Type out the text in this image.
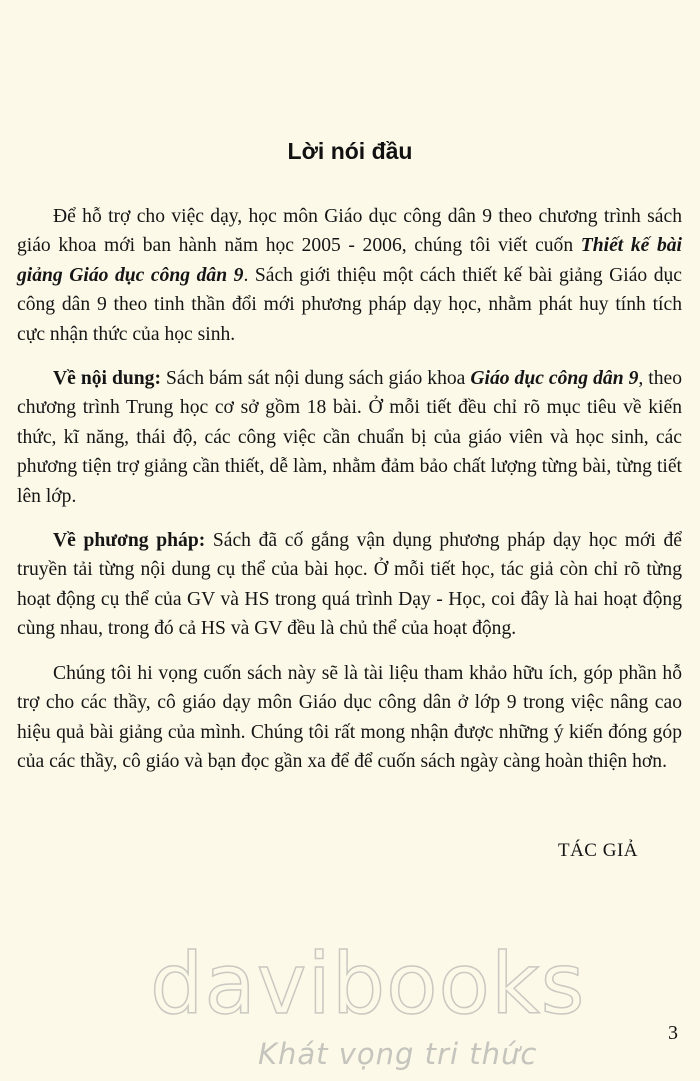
Lời nói đầu

Để hỗ trợ cho việc dạy, học môn Giáo dục công dân 9 theo chương trình sách giáo khoa mới ban hành năm học 2005 - 2006, chúng tôi viết cuốn Thiết kế bài giảng Giáo dục công dân 9. Sách giới thiệu một cách thiết kế bài giảng Giáo dục công dân 9 theo tinh thần đổi mới phương pháp dạy học, nhằm phát huy tính tích cực nhận thức của học sinh.

Về nội dung: Sách bám sát nội dung sách giáo khoa Giáo dục công dân 9, theo chương trình Trung học cơ sở gồm 18 bài. Ở mỗi tiết đều chỉ rõ mục tiêu về kiến thức, kĩ năng, thái độ, các công việc cần chuẩn bị của giáo viên và học sinh, các phương tiện trợ giảng cần thiết, dễ làm, nhằm đảm bảo chất lượng từng bài, từng tiết lên lớp.

Về phương pháp: Sách đã cố gắng vận dụng phương pháp dạy học mới để truyền tải từng nội dung cụ thể của bài học. Ở mỗi tiết học, tác giả còn chỉ rõ từng hoạt động cụ thể của GV và HS trong quá trình Dạy - Học, coi đây là hai hoạt động cùng nhau, trong đó cả HS và GV đều là chủ thể của hoạt động.

Chúng tôi hi vọng cuốn sách này sẽ là tài liệu tham khảo hữu ích, góp phần hỗ trợ cho các thầy, cô giáo dạy môn Giáo dục công dân ở lớp 9 trong việc nâng cao hiệu quả bài giảng của mình. Chúng tôi rất mong nhận được những ý kiến đóng góp của các thầy, cô giáo và bạn đọc gần xa để để cuốn sách ngày càng hoàn thiện hơn.

TÁC GIẢ
davibooks
Khát vọng tri thức
3
